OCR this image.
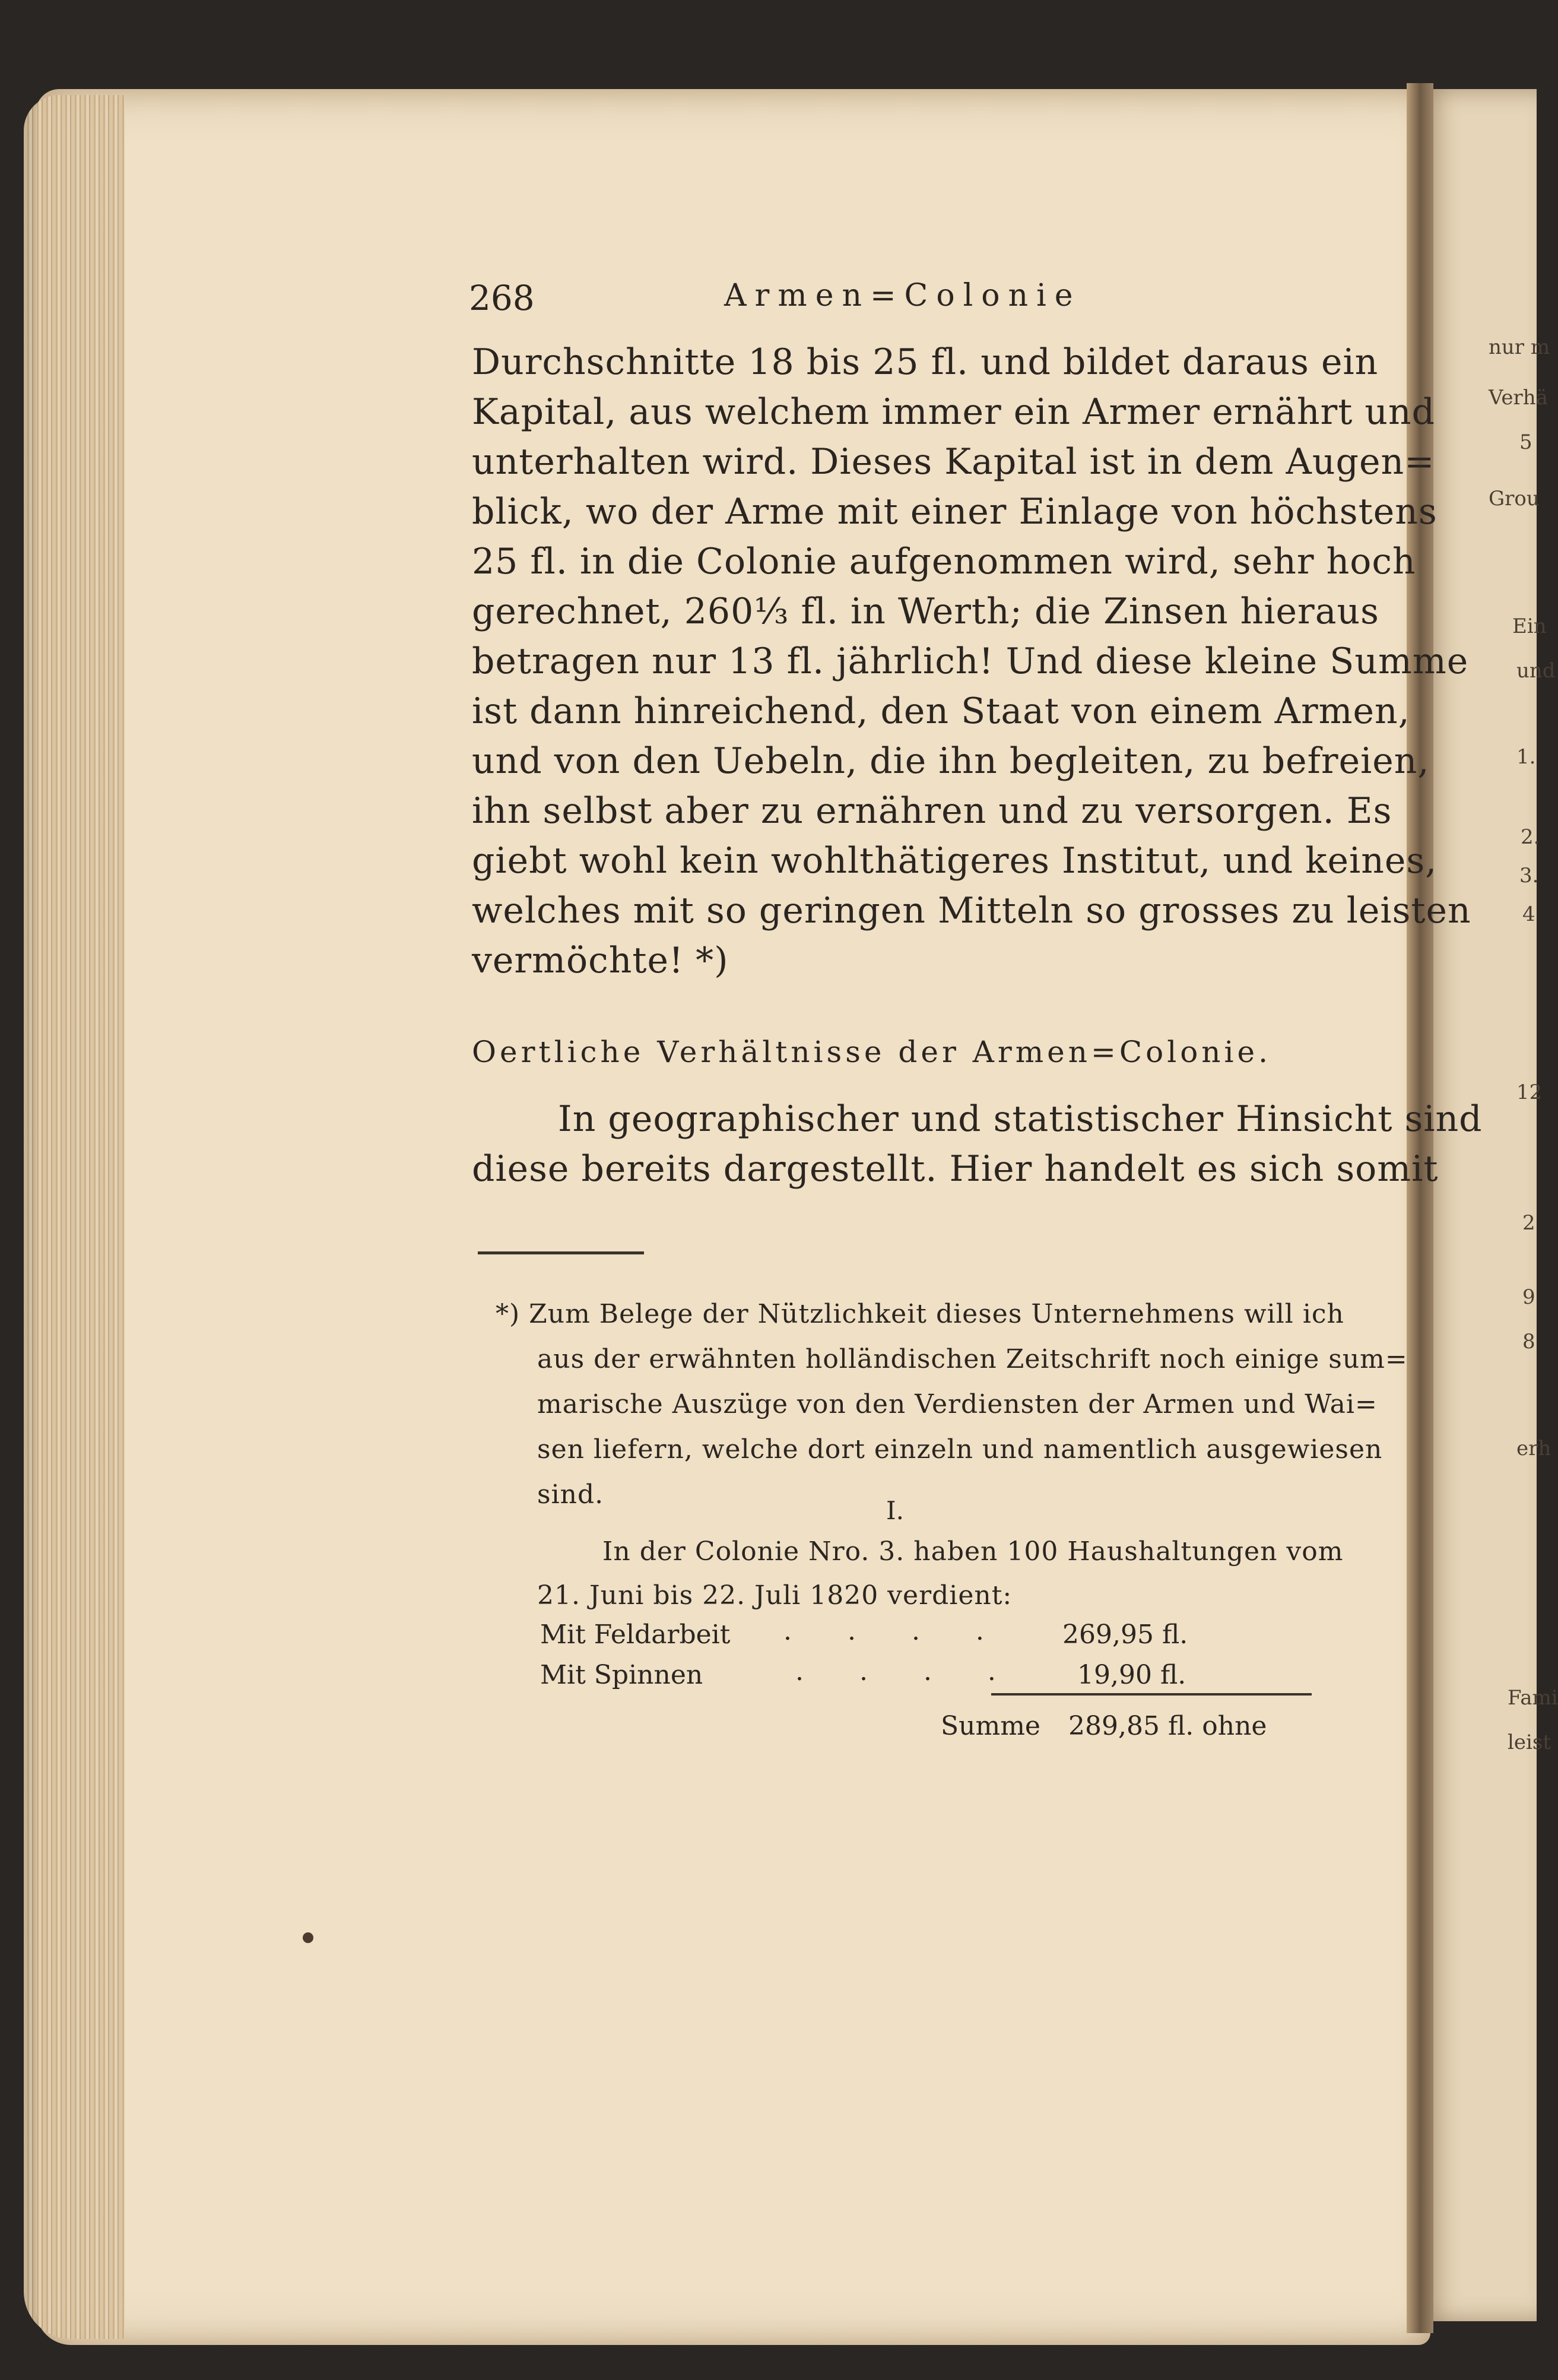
268	Armen=Colonie
Durchschnitte 18 bis 25 fl. und bildet daraus ein
Kapital, aus welchem immer ein Armer ernährt und
unterhalten wird. Dieses Kapital ist in dem Augen=
blick, wo der Arme mit einer Einlage von höchstens
25 fl. in die Colonie aufgenommen wird, sehr hoch
gerechnet, 260⅓ fl. in Werth; die Zinsen hieraus
betragen nur 13 fl. jährlich! Und diese kleine Summe
ist dann hinreichend, den Staat von einem Armen,
und von den Uebeln, die ihn begleiten, zu befreien,
ihn selbst aber zu ernähren und zu versorgen. Es
giebt wohl kein wohlthätigeres Institut, und keines,
welches mit so geringen Mitteln so grosses zu leisten
vermöchte! *)
Oertliche Verhältnisse der Armen=Colonie.
In geographischer und statistischer Hinsicht sind
diese bereits dargestellt. Hier handelt es sich somit
*) Zum Belege der Nützlichkeit dieses Unternehmens will ich
aus der erwähnten holländischen Zeitschrift noch einige sum=
marische Auszüge von den Verdiensten der Armen und Wai=
sen liefern, welche dort einzeln und namentlich ausgewiesen
sind.
I.
In der Colonie Nro. 3. haben 100 Haushaltungen vom
21. Juni bis 22. Juli 1820 verdient:
Mit Feldarbeit . . . . 269,95 fl.
Mit Spinnen	. . . . 19,90 fl.
Summe 289,85 fl. ohne
nur m
Verhä
5
Grou
Ein
und
1.
2.
3.
4
12
2
9
8
erh
Fami
leist
